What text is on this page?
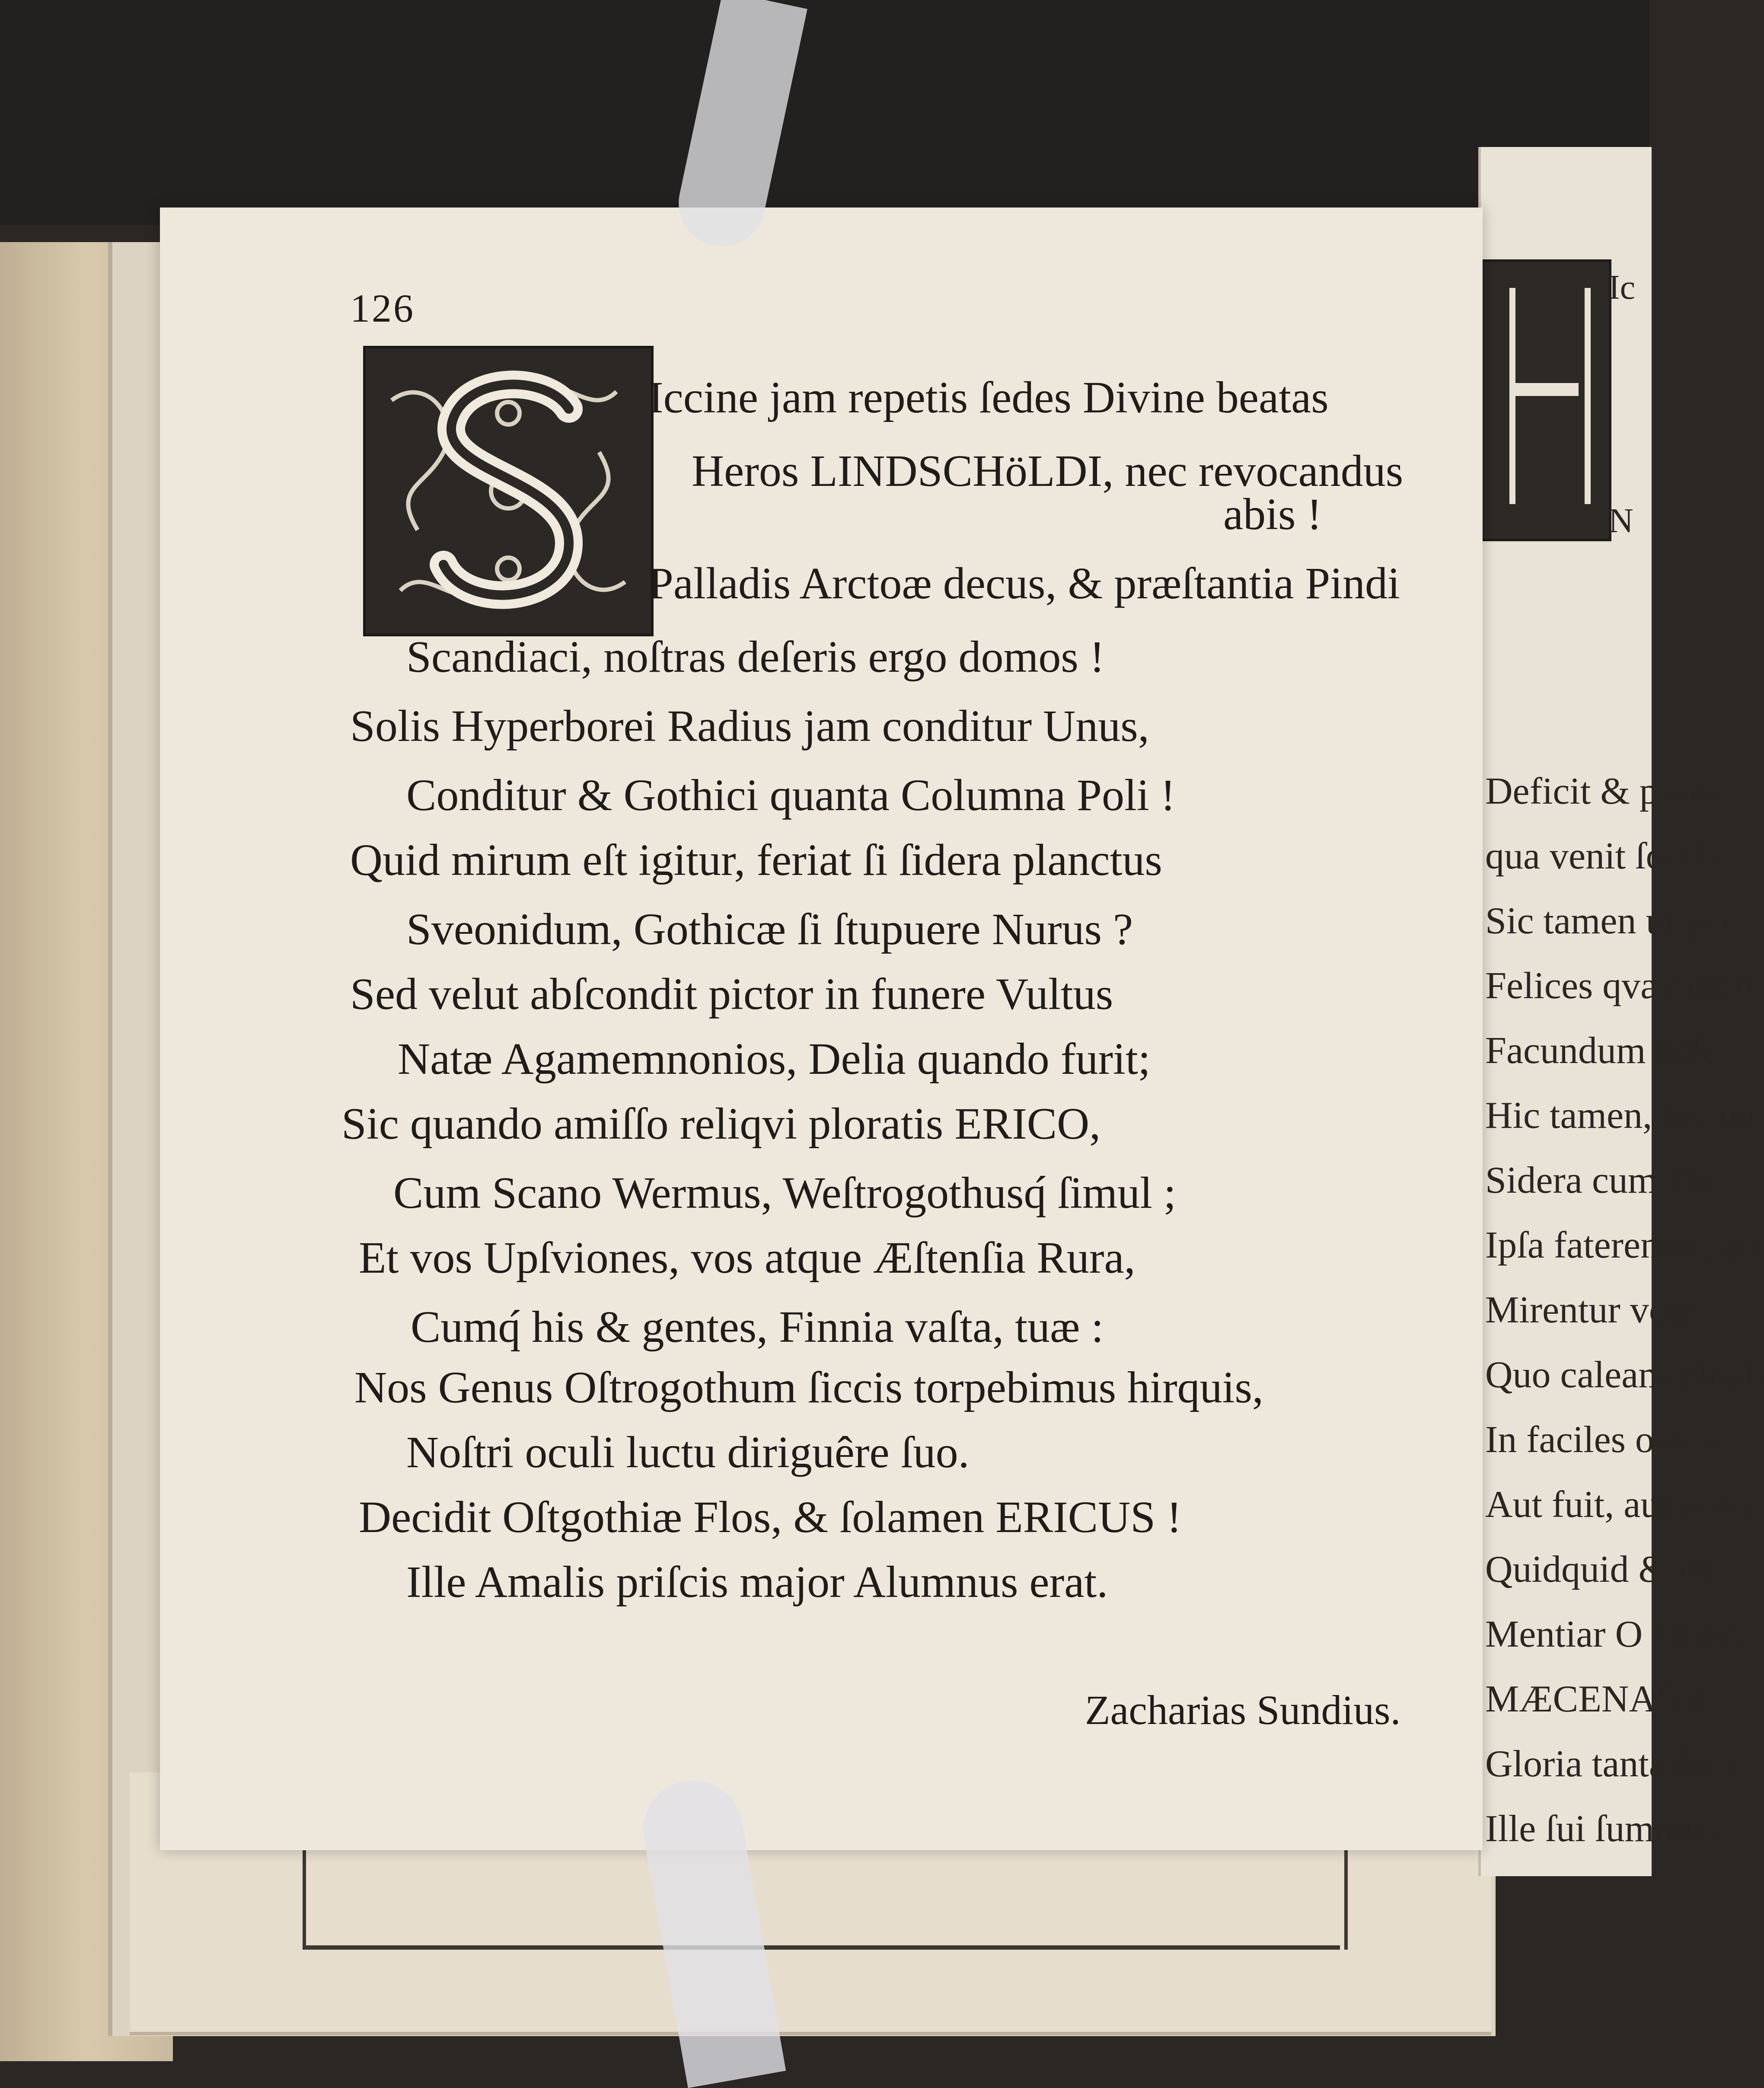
Ic
N
Deficit & parite
qua venit ſociis
Sic tamen ut per
Felices qværant n
Facundum neſc
Hic tamen, hîc int
Sidera cum Do
Ipſa faterentur, qu
Mirentur votis
Quo caleam Phœb
In faciles opten
Aut fuit, aut poter
Quidquid & ill
Mentiar O ! fatis
MÆCENAS n
Gloria tanta ſui c
Ille ſui ſummus
126
Iccine jam repetis ſedes Divine beatas
Heros LINDSCHöLDI, nec revocandus
abis !
Palladis Arctoæ decus, & præſtantia Pindi
Scandiaci, noſtras deſeris ergo domos !
Solis Hyperborei Radius jam conditur Unus,
Conditur & Gothici quanta Columna Poli !
Quid mirum eſt igitur, feriat ſi ſidera planctus
Sveonidum, Gothicæ ſi ſtupuere Nurus ?
Sed velut abſcondit pictor in funere Vultus
Natæ Agamemnonios, Delia quando furit;
Sic quando amiſſo reliqvi ploratis ERICO,
Cum Scano Wermus, Weſtrogothusq́ ſimul ;
Et vos Upſviones, vos atque Æſtenſia Rura,
Cumq́ his & gentes, Finnia vaſta, tuæ :
Nos Genus Oſtrogothum ſiccis torpebimus hirquis,
Noſtri oculi luctu diriguêre ſuo.
Decidit Oſtgothiæ Flos, & ſolamen ERICUS !
Ille Amalis priſcis major Alumnus erat.
Zacharias Sundius.
